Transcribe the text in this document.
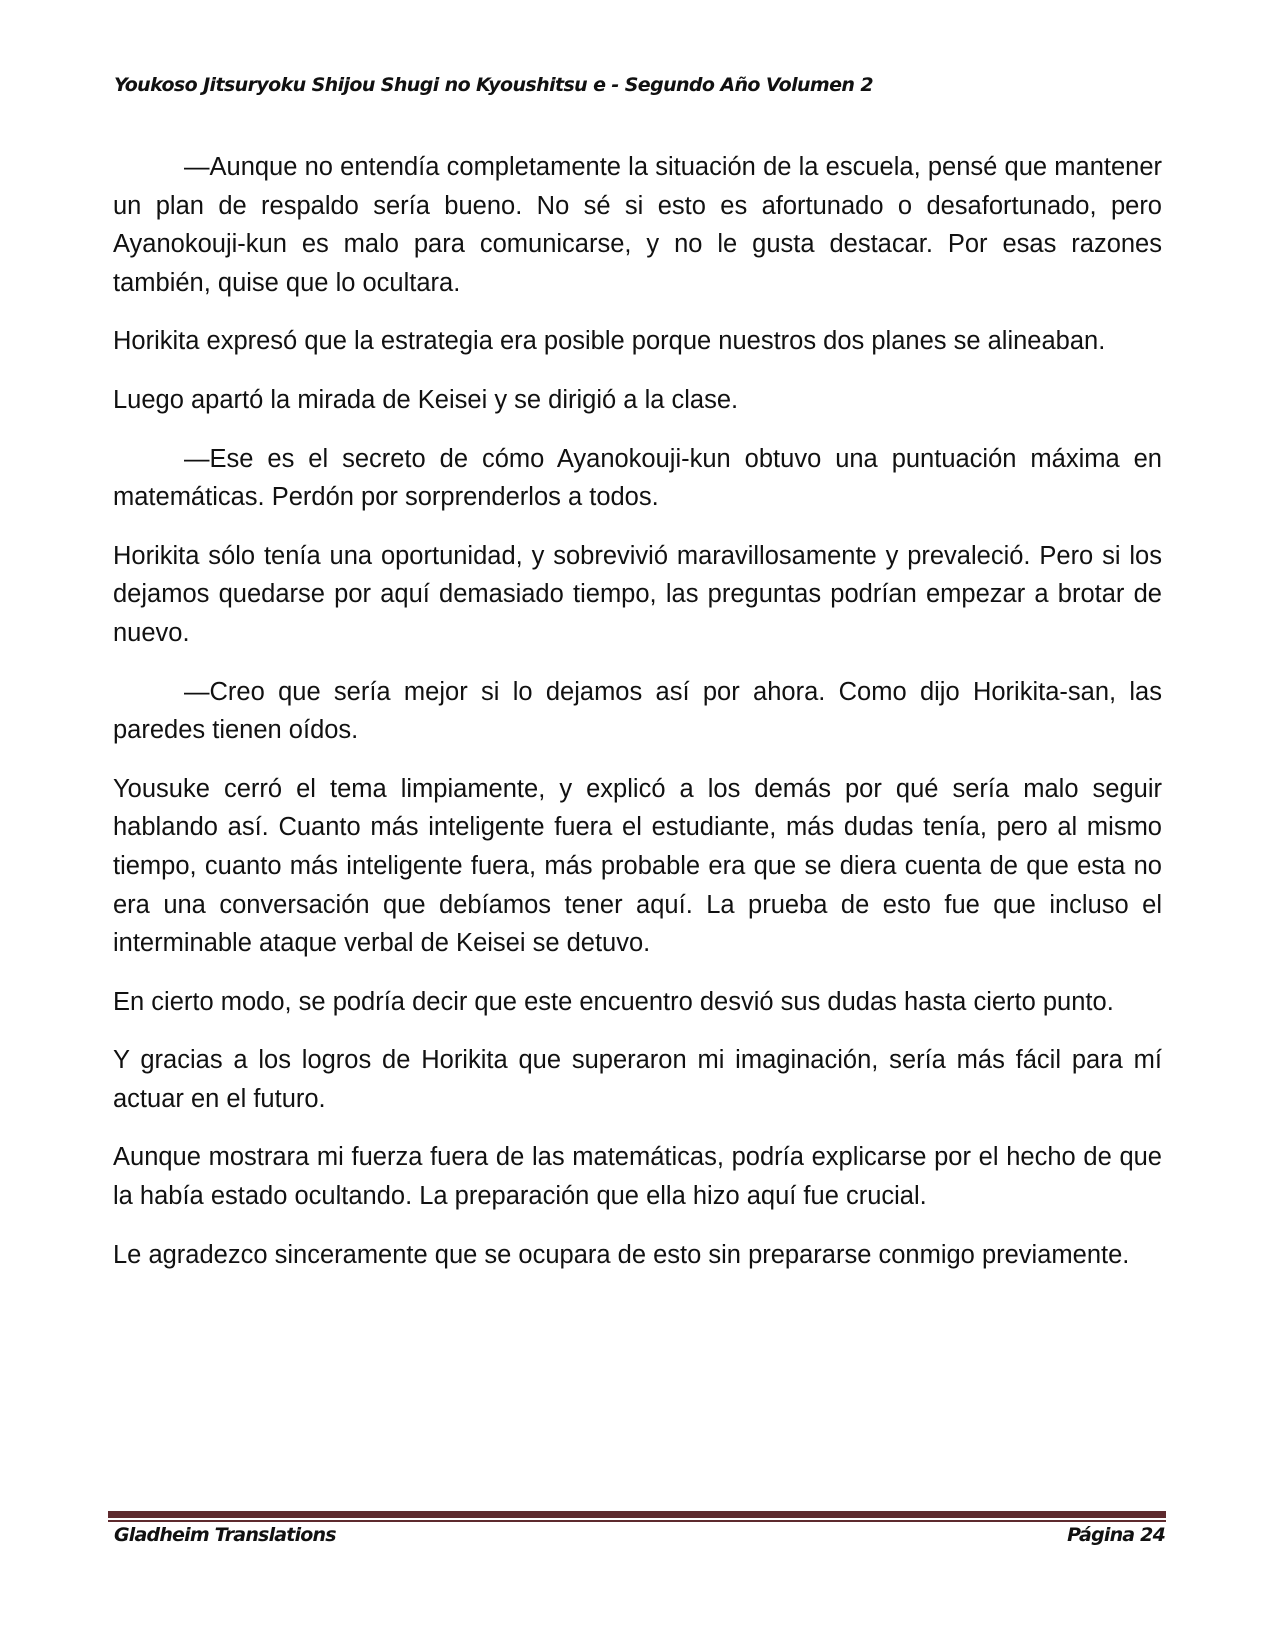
Youkoso Jitsuryoku Shijou Shugi no Kyoushitsu e - Segundo Año Volumen 2

—Aunque no entendía completamente la situación de la escuela, pensé que mantener un plan de respaldo sería bueno. No sé si esto es afortunado o desafortunado, pero Ayanokouji-kun es malo para comunicarse, y no le gusta destacar. Por esas razones también, quise que lo ocultara.

Horikita expresó que la estrategia era posible porque nuestros dos planes se alineaban.

Luego apartó la mirada de Keisei y se dirigió a la clase.

—Ese es el secreto de cómo Ayanokouji-kun obtuvo una puntuación máxima en matemáticas. Perdón por sorprenderlos a todos.

Horikita sólo tenía una oportunidad, y sobrevivió maravillosamente y prevaleció. Pero si los dejamos quedarse por aquí demasiado tiempo, las preguntas podrían empezar a brotar de nuevo.

—Creo que sería mejor si lo dejamos así por ahora. Como dijo Horikita-san, las paredes tienen oídos.

Yousuke cerró el tema limpiamente, y explicó a los demás por qué sería malo seguir hablando así. Cuanto más inteligente fuera el estudiante, más dudas tenía, pero al mismo tiempo, cuanto más inteligente fuera, más probable era que se diera cuenta de que esta no era una conversación que debíamos tener aquí. La prueba de esto fue que incluso el interminable ataque verbal de Keisei se detuvo.

En cierto modo, se podría decir que este encuentro desvió sus dudas hasta cierto punto.

Y gracias a los logros de Horikita que superaron mi imaginación, sería más fácil para mí actuar en el futuro.

Aunque mostrara mi fuerza fuera de las matemáticas, podría explicarse por el hecho de que la había estado ocultando. La preparación que ella hizo aquí fue crucial.

Le agradezco sinceramente que se ocupara de esto sin prepararse conmigo previamente.

Gladheim Translations	Página 24
